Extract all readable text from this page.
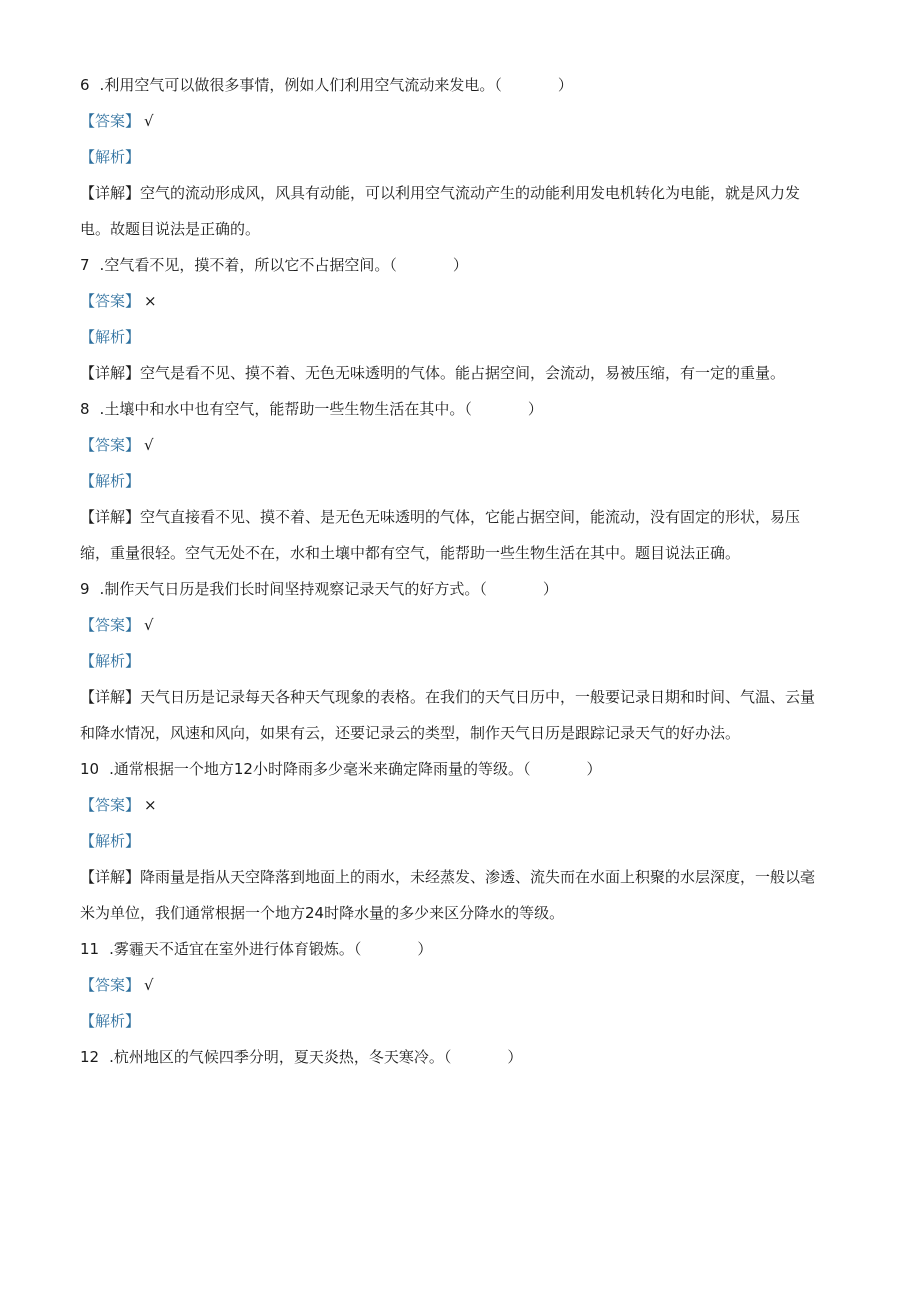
6 .利用空气可以做很多事情，例如人们利用空气流动来发电。（	）
【答案】 √
【解析】
【详解】空气的流动形成风，风具有动能，可以利用空气流动产生的动能利用发电机转化为电能，就是风力发
电。故题目说法是正确的。
7 .空气看不见，摸不着，所以它不占据空间。（	）
【答案】 ×
【解析】
【详解】空气是看不见、摸不着、无色无味透明的气体。能占据空间，会流动，易被压缩，有一定的重量。
8 .土壤中和水中也有空气，能帮助一些生物生活在其中。（	）
【答案】 √
【解析】
【详解】空气直接看不见、摸不着、是无色无味透明的气体，它能占据空间，能流动，没有固定的形状，易压
缩，重量很轻。空气无处不在，水和土壤中都有空气，能帮助一些生物生活在其中。题目说法正确。
9 .制作天气日历是我们长时间坚持观察记录天气的好方式。（	）
【答案】 √
【解析】
【详解】天气日历是记录每天各种天气现象的表格。在我们的天气日历中，一般要记录日期和时间、气温、云量
和降水情况，风速和风向，如果有云，还要记录云的类型，制作天气日历是跟踪记录天气的好办法。
10 .通常根据一个地方12小时降雨多少毫米来确定降雨量的等级。（	）
【答案】 ×
【解析】
【详解】降雨量是指从天空降落到地面上的雨水，未经蒸发、渗透、流失而在水面上积聚的水层深度，一般以毫
米为单位，我们通常根据一个地方24时降水量的多少来区分降水的等级。
11 .雾霾天不适宜在室外进行体育锻炼。（	）
【答案】 √
【解析】
12 .杭州地区的气候四季分明，夏天炎热，冬天寒冷。（	）
